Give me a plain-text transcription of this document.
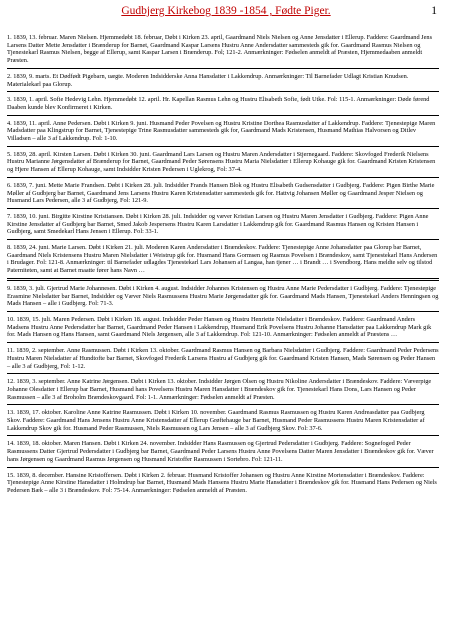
Gudbjerg Kirkebog 1839 -1854 , Fødte Piger.	1

1. 1839, 13. februar. Maren Nielsen. Hjemmedøbt 18. februar, Døbt i Kirken 23. april, Gaardmand Niels Nielsen og Anne Jensdatter i Ellerup. Faddere: Gaardmand Jens Larsens Datter Mette Jensdatter i Brænderup for Barnet, Gaardmand Kaspar Larsens Hustru Anne Andersdatter sammesteds gik for. Gaardmand Rasmus Nielsen og Tjenestekarl Rasmus Nielsen, begge af Ellerup, samt Kaspar Larsen i Brænderup. Fol; 121-2. Anmærkninger: Fødselen anmeldt af Præsten, Hjemmedaaben anmeldt Præsten.

2. 1839, 9. marts. Et Dødfødt Pigebarn, uægte. Moderen Indsidderske Anna Hansdatter i Lakkendrup. Anmærkninger: Til Barnefader Udlagt Kristian Knudsen. Materialekarl paa Glorup.

3. 1839, 1. april. Sofie Hedevig Lehn. Hjemmedøbt 12. april. Hr. Kapellan Rasmus Lehn og Hustru Elisabeth Sofie, født Utke. Fol: 115-1. Anmærkninger: Døde førend Daaben kunde blev Konfirmeret i Kirken.

4. 1839, 11. april. Anne Pedersen. Døbt i Kirken 9. juni. Husmand Peder Povelsen og Hustru Kristine Dorthea Rasmusdatter af Lakkendrup. Faddere: Tjenestepige Maren Madsdatter paa Klingstrup for Barnet, Tjenestepige Trine Rasmusdatter sammesteds gik for, Gaardmand Mads Kristensen, Husmand Mathias Halvorsen og Ditlev Villadsen – alle 3 af Lakkendrup. Fol: 1-10.

5. 1839, 28. april. Kirsten Larsen. Døbt i Kirken 30. juni. Gaardmand Lars Larsen og Hustru Maren Andersdatter i Stjernegaard. Faddere: Skovfoged Frederik Nielsens Hustru Marianne Jørgensdatter af Brænderup for Barnet, Gaardmand Peder Sørensens Hustru Maria Nielsdatter i Ellerup Kohauge gik for. Gaardmand Kristen Kristensen og Hjere Hansen af Ellerup Kohauge, samt Indsidder Kristen Pedersen i Uglekrog, Fol: 37-4.

6. 1839, 7. juni. Mette Marie Frandsen. Døbt i Kirken 28. juli. Indsidder Frands Hansen Blok og Hustru Elisabeth Gudsensdatter i Gudbjerg. Faddere: Pigen Birthe Marie Møller af Gudbjerg bar Barnet, Gaardmand Jens Larsens Hustru Karen Kristensdatter sammesteds gik for. Hattvig Johansen Møller og Gaardmand Jesper Nielsen og Husmand Lars Pedersen, alle 3 af Gudbjerg, Fol: 121-9.

7. 1839, 10. juni. Birgitte Kirstine Kristiansen. Døbt i Kirken 28. juli. Indsidder og væver Kristian Larsen og Hustru Maren Jensdatter i Gudbjerg. Faddere: Pigen Anne Kirstine Jensdatter af Gudbjerg bar Barnet, Smed Jakob Jespersens Hustru Karen Larsdatter i Lakkendrup gik for. Gaardmand Rasmus Hansen og Kristen Hansen i Gudbjerg, samt Smedekarl Hans Jensen i Ellerup. Fol: 33-1.

8. 1839, 24. juni. Marie Larsen. Døbt i Kirken 21. juli. Moderen Karen Andersdatter i Brændeskov. Faddere: Tjenestepige Anne Johansdatter paa Glorup bar Barnet, Gaardmand Niels Kristensens Hustru Maren Nielsdatter i Weistrup gik for. Husmand Hans Gormsen og Rasmus Povelsen i Brændeskov, samt Tjenestekarl Hans Andersen i Brudager. Fol: 121-8. Anmærkninger: til Barnefader udlagdes Tjenestekarl Lars Johansen af Langaa, han tjener … i Brandt … i Svendborg. Hans meldte selv og tilstod Paterniteten, samt at Barnet maatte fører hans Navn …

9. 1839, 3. juli. Gjertrud Marie Johannesen. Døbt i Kirken 4. august. Indsidder Johannes Kristensen og Hustru Anne Marie Pedersdatter i Gudbjerg. Faddere: Tjenestepige Erasmine Nielsdatter bar Barnet, Indsidder og Væver Niels Rasmussens Hustru Marie Jørgensdatter gik for. Gaardmand Mads Hansen, Tjenestekarl Anders Henningsen og Mads Hansen – alle i Gudbjerg. Fol: 71-3.

10. 1839, 15. juli. Maren Pedersen. Døbt i Kirken 18. august. Indsidder Peder Hansen og Hustru Henriette Nielsdatter i Brændeskov. Faddere: Gaardmand Anders Madsens Hustru Anne Pedersdatter bar Barnet, Gaardmand Peder Hansen i Lakkendrup, Husmand Erik Povelsens Hustru Johanne Hansdatter paa Lakkendrup Mark gik for. Mads Hansen og Hans Hansen, samt Gaardmand Niels Jørgensen, alle 3 af Lakkendrup. Fol: 121-10. Anmærkninger: Fødselen anmeldt af Præstens …

11. 1839, 2. september. Anne Rasmussen. Døbt i Kirken 13. oktober. Gaardmand Rasmus Hansen og Barbara Nielsdatter i Gudbjerg. Faddere: Gaardmand Peder Pedersens Hustru Maren Nielsdatter af Hundtofte bar Barnet, Skovfoged Frederik Larsens Hustru af Gudbjerg gik for. Gaardmand Kristen Hansen, Mads Sørensen og Peder Hansen – alle 3 af Gudbjerg, Fol: 1-12.

12. 1839, 3. september. Anne Katrine Jørgensen. Døbt i Kirken 13. oktober. Indsidder Jørgen Olsen og Hustru Nikoline Andersdatter i Brændeskov. Faddere: Væverpige Johanne Olesdatter i Ellerup bar Barnet, Husmand hans Povelsens Hustru Maren Hansdatter i Brændeskov gik for. Tjenestekarl Hans Dons, Lars Hansen og Peder Rasmussen – alle 3 af Broholm Brændeskovgaard. Fol: 1-1. Anmærkninger: Fødselen anmeldt af Præsten.

13. 1839, 17. oktober. Karoline Anne Katrine Rasmussen. Døbt i Kirken 10. november. Gaardmand Rasmus Rasmussen og Hustru Karen Andreasdatter paa Gudbjerg Skov. Faddere: Gaardmand Hans Jensens Hustru Anne Kristensdatter af Ellerup Grøftehauge bar Barnet, Husmand Peder Rasmussens Hustru Maren Kristensdatter af Lakkendrup Skov gik for. Husmand Peder Rasmussen, Niels Rasmussen og Lars Jensen – alle 3 af Gudbjerg Skov. Fol: 37-6.

14. 1839, 18. oktober. Maren Hansen. Døbt i Kirken 24. november. Indsidder Hans Rasmussen og Gjertrud Pedersdatter i Gudbjerg. Faddere: Sognefoged Peder Rasmussens Datter Gjertrud Pedersdatter i Gudbjerg bar Barnet, Gaardmand Peder Larsens Hustru Anne Povelsens Datter Maren Jensdatter i Brændeskov gik for. Væver hans Jørgensen og Gaardmand Rasmus Jørgensen og Husmand Kristoffer Rasmussen i Sortebro. Fol: 121-11.

15. 1839, 8. december. Hansine Kristoffersen. Døbt i Kirken 2. februar. Husmand Kristoffer Johansen og Hustru Anne Kirstine Mortensdatter i Brændeskov. Faddere: Tjenestepige Anne Kirstine Hansdatter i Holmdrup bar Barnet, Husmand Mads Hansens Hustru Marie Hansdatter i Brændeskov gik for. Husmand Hans Pedersen og Niels Pedersen Bæk – alle 3 i Brændeskov. Fol: 75-14. Anmærkninger: Fødselen anmeldt af Præsten.
